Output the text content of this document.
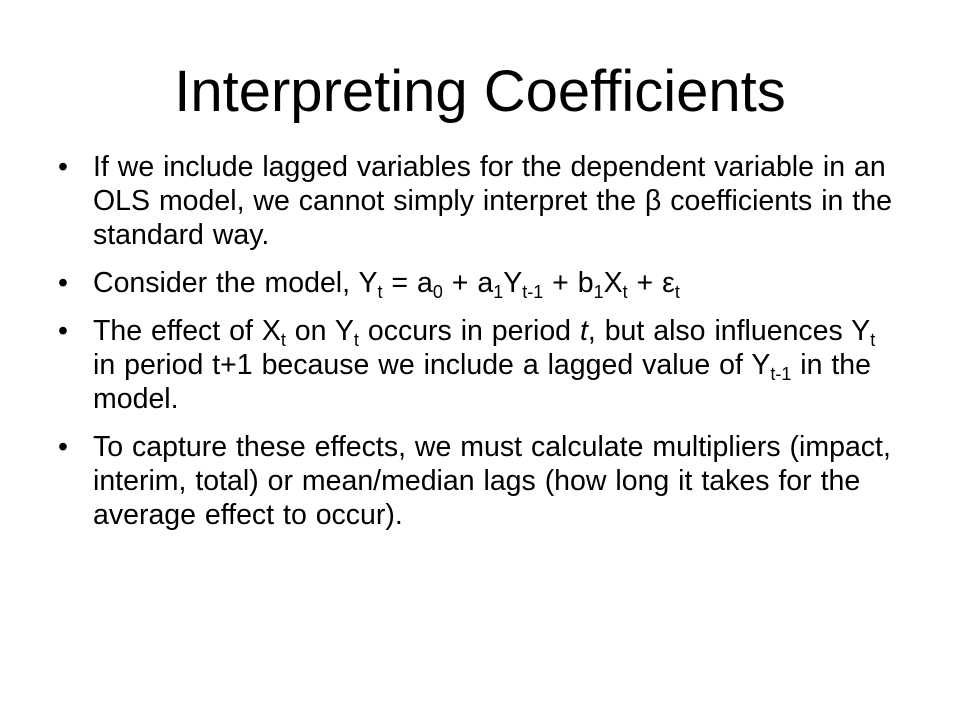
Interpreting Coefficients
• If we include lagged variables for the dependent variable in an OLS model, we cannot simply interpret the β coefficients in the standard way.
• Consider the model, $Y_t = a_0 + a_1Y_{t-1} + b_1X_t + \varepsilon_t$
• The effect of $X_t$ on $Y_t$ occurs in period t, but also influences $Y_t$ in period t+1 because we include a lagged value of $Y_{t-1}$ in the model.
• To capture these effects, we must calculate multipliers (impact, interim, total) or mean/median lags (how long it takes for the average effect to occur).
